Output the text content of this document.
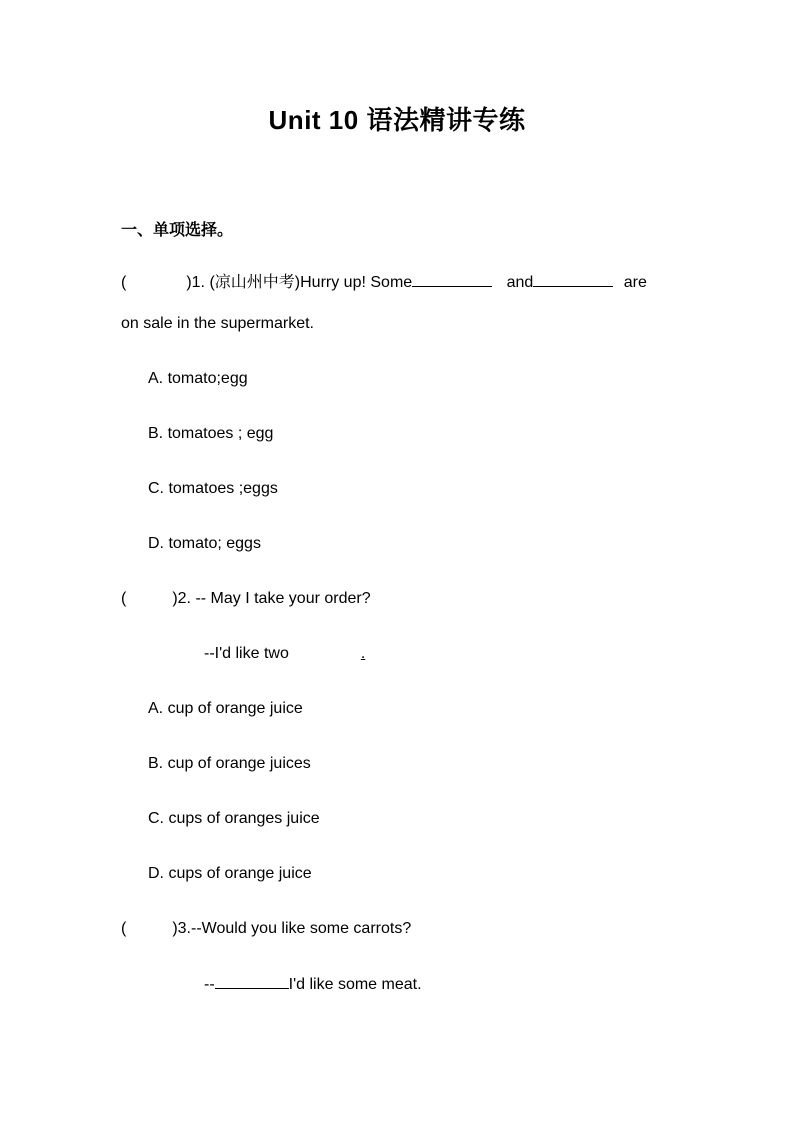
Unit 10 语法精讲专练
一、单项选择。
(	)1. (凉山州中考)Hurry up! Some	and	are
on sale in the supermarket.
A. tomato;egg
B. tomatoes ; egg
C. tomatoes ;eggs
D. tomato; eggs
(	)2. -- May I take your order?
--I'd like two	.
A. cup of orange juice
B. cup of orange juices
C. cups of oranges juice
D. cups of orange juice
(	)3.--Would you like some carrots?
--	I'd like some meat.
